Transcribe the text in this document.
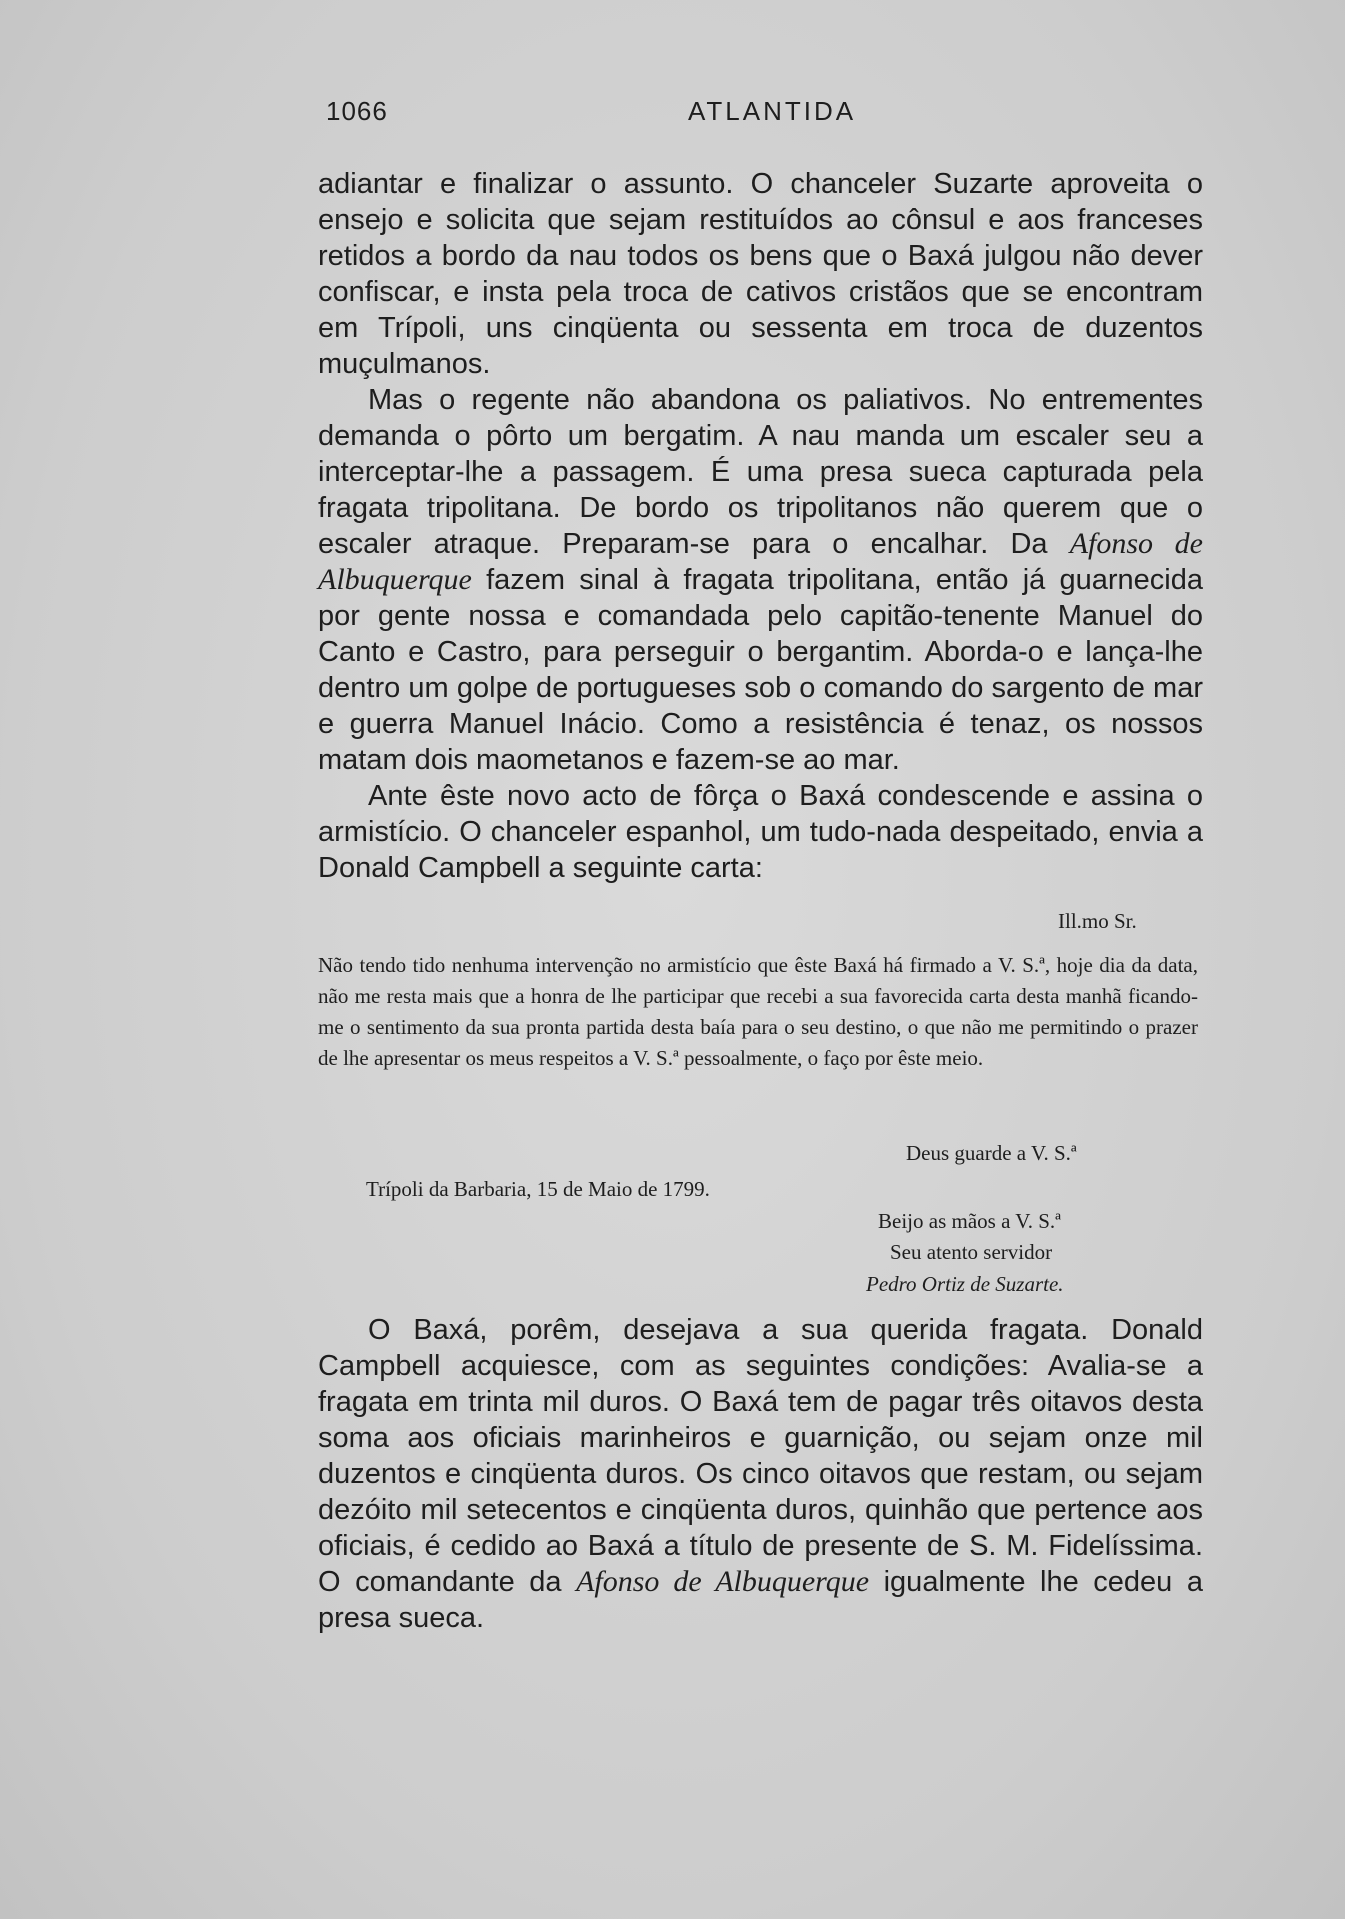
1066	ATLANTIDA

adiantar e finalizar o assunto. O chanceler Suzarte aproveita o ensejo e solicita que sejam restituídos ao cônsul e aos franceses retidos a bordo da nau todos os bens que o Baxá julgou não dever confiscar, e insta pela troca de cativos cristãos que se encontram em Trípoli, uns cinqüenta ou sessenta em troca de duzentos muçulmanos.

Mas o regente não abandona os paliativos. No entrementes demanda o pôrto um bergatim. A nau manda um escaler seu a interceptar-lhe a passagem. É uma presa sueca capturada pela fragata tripolitana. De bordo os tripolitanos não querem que o escaler atraque. Preparam-se para o encalhar. Da Afonso de Albuquerque fazem sinal à fragata tripolitana, então já guarnecida por gente nossa e comandada pelo capitão-tenente Manuel do Canto e Castro, para perseguir o bergantim. Aborda-o e lança-lhe dentro um golpe de portugueses sob o comando do sargento de mar e guerra Manuel Inácio. Como a resistência é tenaz, os nossos matam dois maometanos e fazem-se ao mar.

Ante êste novo acto de fôrça o Baxá condescende e assina o armistício. O chanceler espanhol, um tudo-nada despeitado, envia a Donald Campbell a seguinte carta:

Ill.mo Sr.
Não tendo tido nenhuma intervenção no armistício que êste Baxá há firmado a V. S.ª, hoje dia da data, não me resta mais que a honra de lhe participar que recebi a sua favorecida carta desta manhã ficando-me o sentimento da sua pronta partida desta baía para o seu destino, o que não me permitindo o prazer de lhe apresentar os meus respeitos a V. S.ª pessoalmente, o faço por êste meio.
Deus guarde a V. S.ª
Trípoli da Barbaria, 15 de Maio de 1799.
Beijo as mãos a V. S.ª
Seu atento servidor
Pedro Ortiz de Suzarte.

O Baxá, porêm, desejava a sua querida fragata. Donald Campbell acquiesce, com as seguintes condições: Avalia-se a fragata em trinta mil duros. O Baxá tem de pagar três oitavos desta soma aos oficiais marinheiros e guarnição, ou sejam onze mil duzentos e cinqüenta duros. Os cinco oitavos que restam, ou sejam dezóito mil setecentos e cinqüenta duros, quinhão que pertence aos oficiais, é cedido ao Baxá a título de presente de S. M. Fidelíssima. O comandante da Afonso de Albuquerque igualmente lhe cedeu a presa sueca.
